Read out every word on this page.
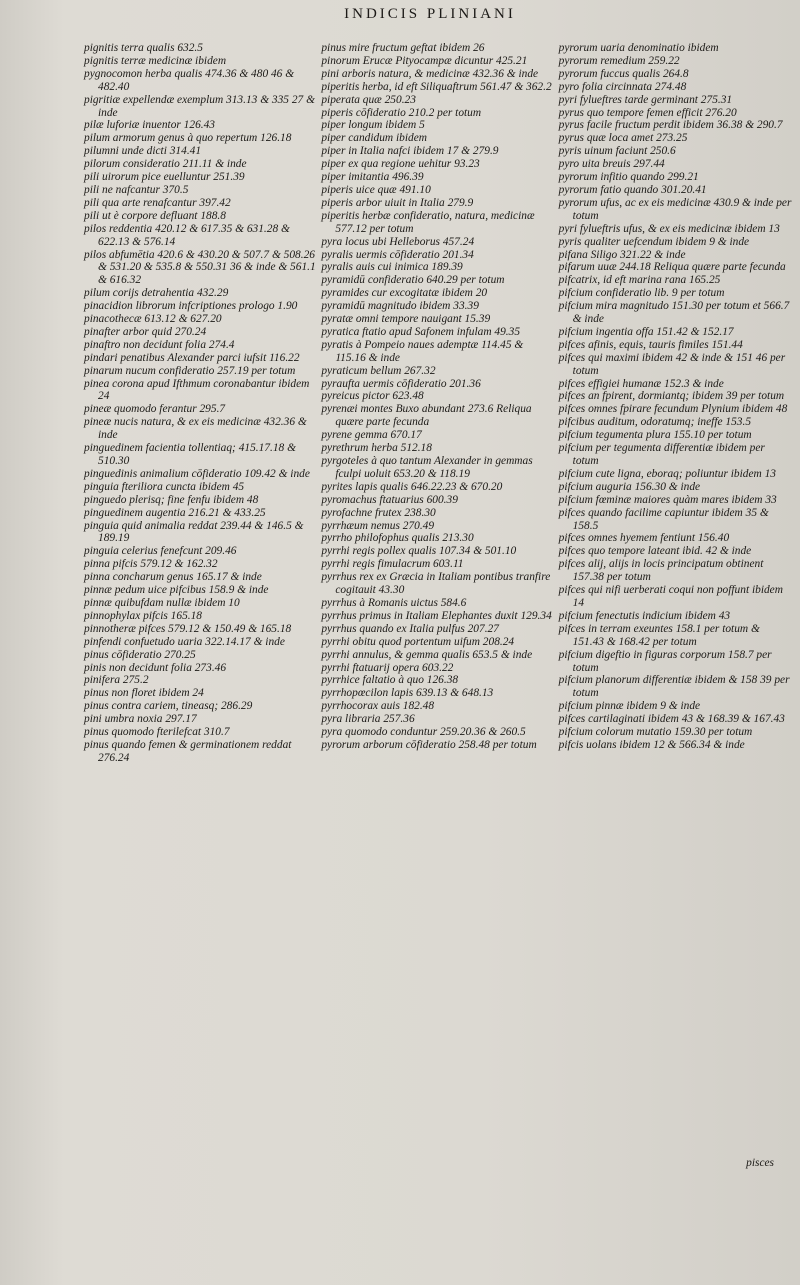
INDICIS PLINIANI
pignitis terra qualis 632.5
pignitis terræ medicinæ ibidem
pygnocomon herba qualis 474.36 & 480 46 & 482.40
pigritiæ expellendæ exemplum 313.13 & 335 27 & inde
pilæ luforiæ inuentor 126.43
pilum armorum genus à quo repertum 126.18
pilumni unde dicti 314.41
pilorum consideratio 211.11 & inde
pili uirorum pice euelluntur 251.39
pili ne nafcantur 370.5
pili qua arte renafcantur 397.42
pili ut è corpore defluant 188.8
pilos reddentia 420.12 & 617.35 & 631.28 & 622.13 & 576.14
pilos abfumētia 420.6 & 430.20 & 507.7 & 508.26 & 531.20 & 535.8 & 550.31 36 & inde & 561.1 & 616.32
pilum corijs detrahentia 432.29
pinacidion librorum infcriptiones prologo 1.90
pinacothecæ 613.12 & 627.20
pinafter arbor quid 270.24
pinaftro non decidunt folia 274.4
pindari penatibus Alexander parci iufsit 116.22
pinarum nucum confideratio 257.19 per totum
pinea corona apud Ifthmum coronabantur ibidem 24
pineæ quomodo ferantur 295.7
pineæ nucis natura, & ex eis medicinæ 432.36 & inde
pinguedinem facientia tollentiaq; 415.17.18 & 510.30
pinguedinis animalium cōfideratio 109.42 & inde
pinguia fteriliora cuncta ibidem 45
pinguedo plerisq; fine fenfu ibidem 48
pinguedinem augentia 216.21 & 433.25
pinguia quid animalia reddat 239.44 & 146.5 & 189.19
pinguia celerius fenefcunt 209.46
pinna pifcis 579.12 & 162.32
pinna concharum genus 165.17 & inde
pinnæ pedum uice pifcibus 158.9 & inde
pinnæ quibufdam nullæ ibidem 10
pinnophylax pifcis 165.18
pinnotheræ pifces 579.12 & 150.49 & 165.18
pinfendi confuetudo uaria 322.14.17 & inde
pinus cōfideratio 270.25
pinis non decidunt folia 273.46
pinifera 275.2
pinus non floret ibidem 24
pinus contra cariem, tineasq; 286.29
pini umbra noxia 297.17
pinus quomodo fterilefcat 310.7
pinus quando femen & germinationem reddat 276.24
pinus mire fructum geftat ibidem 26
pinorum Erucæ Pityocampæ dicuntur 425.21
pini arboris natura, & medicinæ 432.36 & inde
piperitis herba, id eft Siliquaftrum 561.47 & 362.2
piperata quæ 250.23
piperis cōfideratio 210.2 per totum
piper longum ibidem 5
piper candidum ibidem
piper in Italia nafci ibidem 17 & 279.9
piper ex qua regione uehitur 93.23
piper imitantia 496.39
piperis uice quæ 491.10
piperis arbor uiuit in Italia 279.9
piperitis herbæ confideratio, natura, medicinæ 577.12 per totum
pyra locus ubi Helleborus 457.24
pyralis uermis cōfideratio 201.34
pyralis auis cui inimica 189.39
pyramidū confideratio 640.29 per totum
pyramides cur excogitatæ ibidem 20
pyramidū magnitudo ibidem 33.39
pyratæ omni tempore nauigant 15.39
pyratica ftatio apud Safonem infulam 49.35
pyratis à Pompeio naues ademptæ 114.45 & 115.16 & inde
pyraticum bellum 267.32
pyraufta uermis cōfideratio 201.36
pyreicus pictor 623.48
pyrenæi montes Buxo abundant 273.6 Reliqua quære parte fecunda
pyrene gemma 670.17
pyrethrum herba 512.18
pyrgoteles à quo tantum Alexander in gemmas fculpi uoluit 653.20 & 118.19
pyrites lapis qualis 646.22.23 & 670.20
pyromachus ftatuarius 600.39
pyrofachne frutex 238.30
pyrrhæum nemus 270.49
pyrrho philofophus qualis 213.30
pyrrhi regis pollex qualis 107.34 & 501.10
pyrrhi regis fimulacrum 603.11
pyrrhus rex ex Græcia in Italiam pontibus tranfire cogitauit 43.30
pyrrhus à Romanis uictus 584.6
pyrrhus primus in Italiam Elephantes duxit 129.34
pyrrhus quando ex Italia pulfus 207.27
pyrrhi obitu quod portentum uifum 208.24
pyrrhi annulus, & gemma qualis 653.5 & inde
pyrrhi ftatuarij opera 603.22
pyrrhice faltatio à quo 126.38
pyrrhopœcilon lapis 639.13 & 648.13
pyrrhocorax auis 182.48
pyra libraria 257.36
pyra quomodo conduntur 259.20.36 & 260.5
pyrorum arborum cōfideratio 258.48 per totum
pyrorum uaria denominatio ibidem
pyrorum remedium 259.22
pyrorum fuccus qualis 264.8
pyro folia circinnata 274.48
pyri fylueftres tarde germinant 275.31
pyrus quo tempore femen efficit 276.20
pyrus facile fructum perdit ibidem 36.38 & 290.7
pyrus quæ loca amet 273.25
pyris uinum faciunt 250.6
pyro uita breuis 297.44
pyrorum infitio quando 299.21
pyrorum fatio quando 301.20.41
pyrorum ufus, ac ex eis medicinæ 430.9 & inde per totum
pyri fylueftris ufus, & ex eis medicinæ ibidem 13
pyris qualiter uefcendum ibidem 9 & inde
pifana Siligo 321.22 & inde
pifarum uuæ 244.18 Reliqua quære parte fecunda
pifcatrix, id eft marina rana 165.25
pifcium confideratio lib. 9 per totum
pifcium mira magnitudo 151.30 per totum et 566.7 & inde
pifcium ingentia offa 151.42 & 152.17
pifces afinis, equis, tauris fimiles 151.44
pifces qui maximi ibidem 42 & inde & 151 46 per totum
pifces effigiei humanæ 152.3 & inde
pifces an fpirent, dormiantq; ibidem 39 per totum
pifces omnes fpirare fecundum Plynium ibidem 48
pifcibus auditum, odoratumq; ineffe 153.5
pifcium tegumenta plura 155.10 per totum
pifcium per tegumenta differentiæ ibidem per totum
pifcium cute ligna, eboraq; poliuntur ibidem 13
pifcium auguria 156.30 & inde
pifcium fœminæ maiores quàm mares ibidem 33
pifces quando facilime capiuntur ibidem 35 & 158.5
pifces omnes hyemem fentiunt 156.40
pifces quo tempore lateant ibid. 42 & inde
pifces alij, alijs in locis principatum obtinent 157.38 per totum
pifces qui nifi uerberati coqui non poffunt ibidem 14
pifcium fenectutis indicium ibidem 43
pifces in terram exeuntes 158.1 per totum & 151.43 & 168.42 per totum
pifcium digeftio in figuras corporum 158.7 per totum
pifcium planorum differentiæ ibidem & 158 39 per totum
pifcium pinnæ ibidem 9 & inde
pifces cartilaginati ibidem 43 & 168.39 & 167.43
pifcium colorum mutatio 159.30 per totum
pifcis uolans ibidem 12 & 566.34 & inde
pisces
